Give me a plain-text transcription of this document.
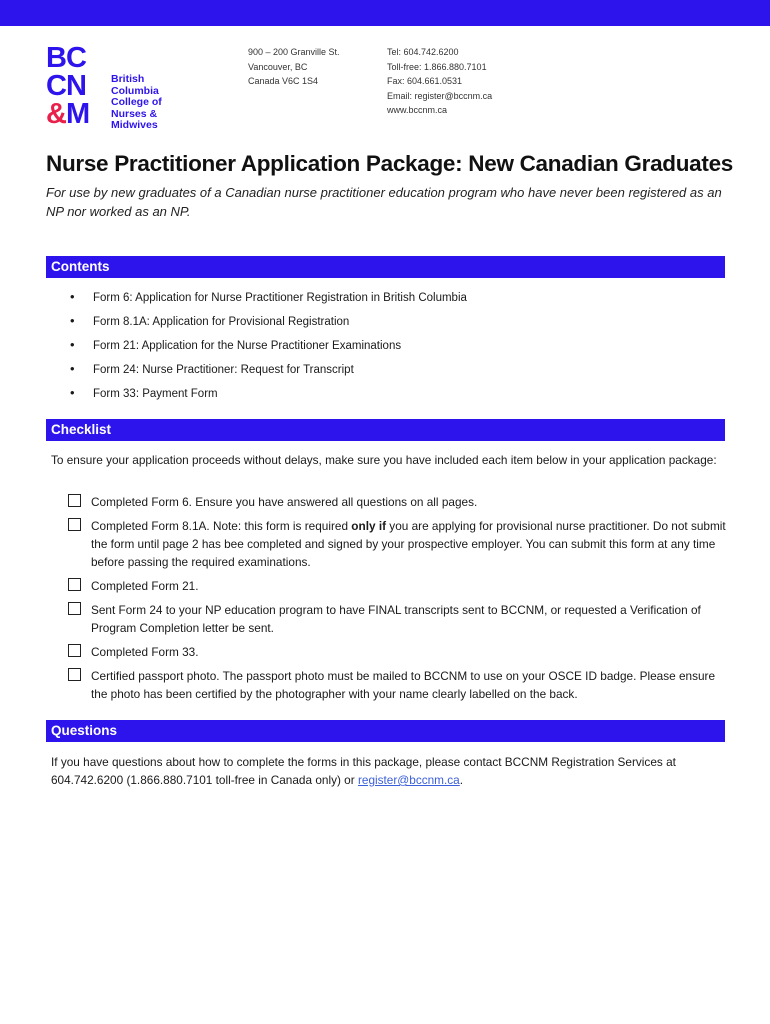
BC
CN
&M
British
Columbia
College of
Nurses &
Midwives
900 – 200 Granville St.
Vancouver, BC
Canada V6C 1S4
Tel: 604.742.6200
Toll-free: 1.866.880.7101
Fax: 604.661.0531
Email: register@bccnm.ca
www.bccnm.ca
Nurse Practitioner Application Package: New Canadian Graduates

For use by new graduates of a Canadian nurse practitioner education program who have never been registered as an NP nor worked as an NP.

Contents
• Form 6: Application for Nurse Practitioner Registration in British Columbia
• Form 8.1A: Application for Provisional Registration
• Form 21: Application for the Nurse Practitioner Examinations
• Form 24: Nurse Practitioner: Request for Transcript
• Form 33: Payment Form
Checklist

To ensure your application proceeds without delays, make sure you have included each item below in your application package:

Completed Form 6. Ensure you have answered all questions on all pages.
Completed Form 8.1A. Note: this form is required only if you are applying for provisional nurse practitioner. Do not submit the form until page 2 has bee completed and signed by your prospective employer. You can submit this form at any time before passing the required examinations.
Completed Form 21.
Sent Form 24 to your NP education program to have FINAL transcripts sent to BCCNM, or requested a Verification of Program Completion letter be sent.
Completed Form 33.
Certified passport photo. The passport photo must be mailed to BCCNM to use on your OSCE ID badge. Please ensure the photo has been certified by the photographer with your name clearly labelled on the back.
Questions

If you have questions about how to complete the forms in this package, please contact BCCNM Registration Services at 604.742.6200 (1.866.880.7101 toll-free in Canada only) or register@bccnm.ca.
